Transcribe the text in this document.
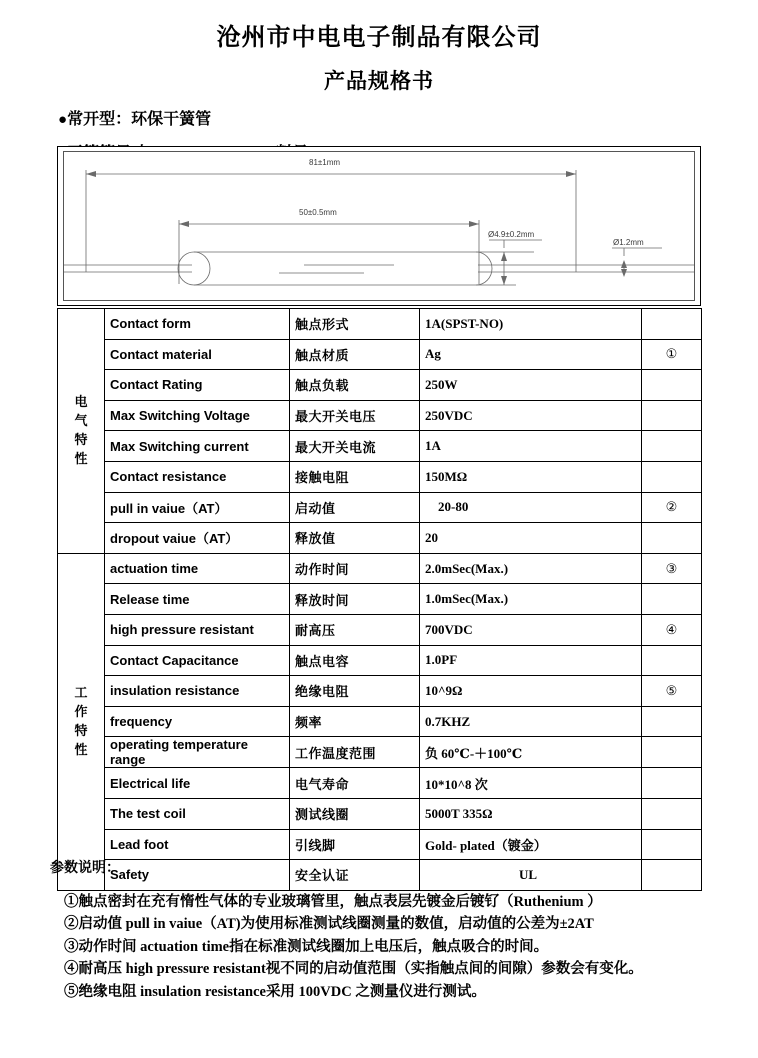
沧州市中电电子制品有限公司
产品规格书
●常开型：环保干簧管
81±1mm
50±0.5mm
Ø4.9±0.2mm
Ø1.2mm
电
气
特
性	Contact form	触点形式	1A(SPST-NO)	
	Contact material	触点材质	Ag	①
	Contact Rating	触点负载	250W	
	Max Switching Voltage	最大开关电压	250VDC	
	Max Switching current	最大开关电流	1A	
	Contact resistance	接触电阻	150MΩ	
	pull in vaiue（AT）	启动值	20-80	②
	dropout vaiue（AT）	释放值	20	

工
作
特
性	actuation time	动作时间	2.0mSec(Max.)	③
	Release time	释放时间	1.0mSec(Max.)	
	high pressure resistant	耐高压	700VDC	④
	Contact Capacitance	触点电容	1.0PF	
	insulation resistance	绝缘电阻	10^9Ω	⑤
	frequency	频率	0.7KHZ	
	operating temperature range	工作温度范围	负 60℃-＋100℃	
	Electrical life	电气寿命	10*10^8 次	
	The test coil	测试线圈	5000T 335Ω	
	Lead foot	引线脚	Gold- plated（镀金）	
	Safety	安全认证	UL	
参数说明：
①触点密封在充有惰性气体的专业玻璃管里，触点表层先镀金后镀钌（Ruthenium ）
②启动值 pull in vaiue（AT)为使用标准测试线圈测量的数值，启动值的公差为±2AT
③动作时间 actuation time指在标准测试线圈加上电压后，触点吸合的时间。
④耐高压 high pressure resistant视不同的启动值范围（实指触点间的间隙）参数会有变化。
⑤绝缘电阻 insulation resistance采用 100VDC 之测量仪进行测试。
